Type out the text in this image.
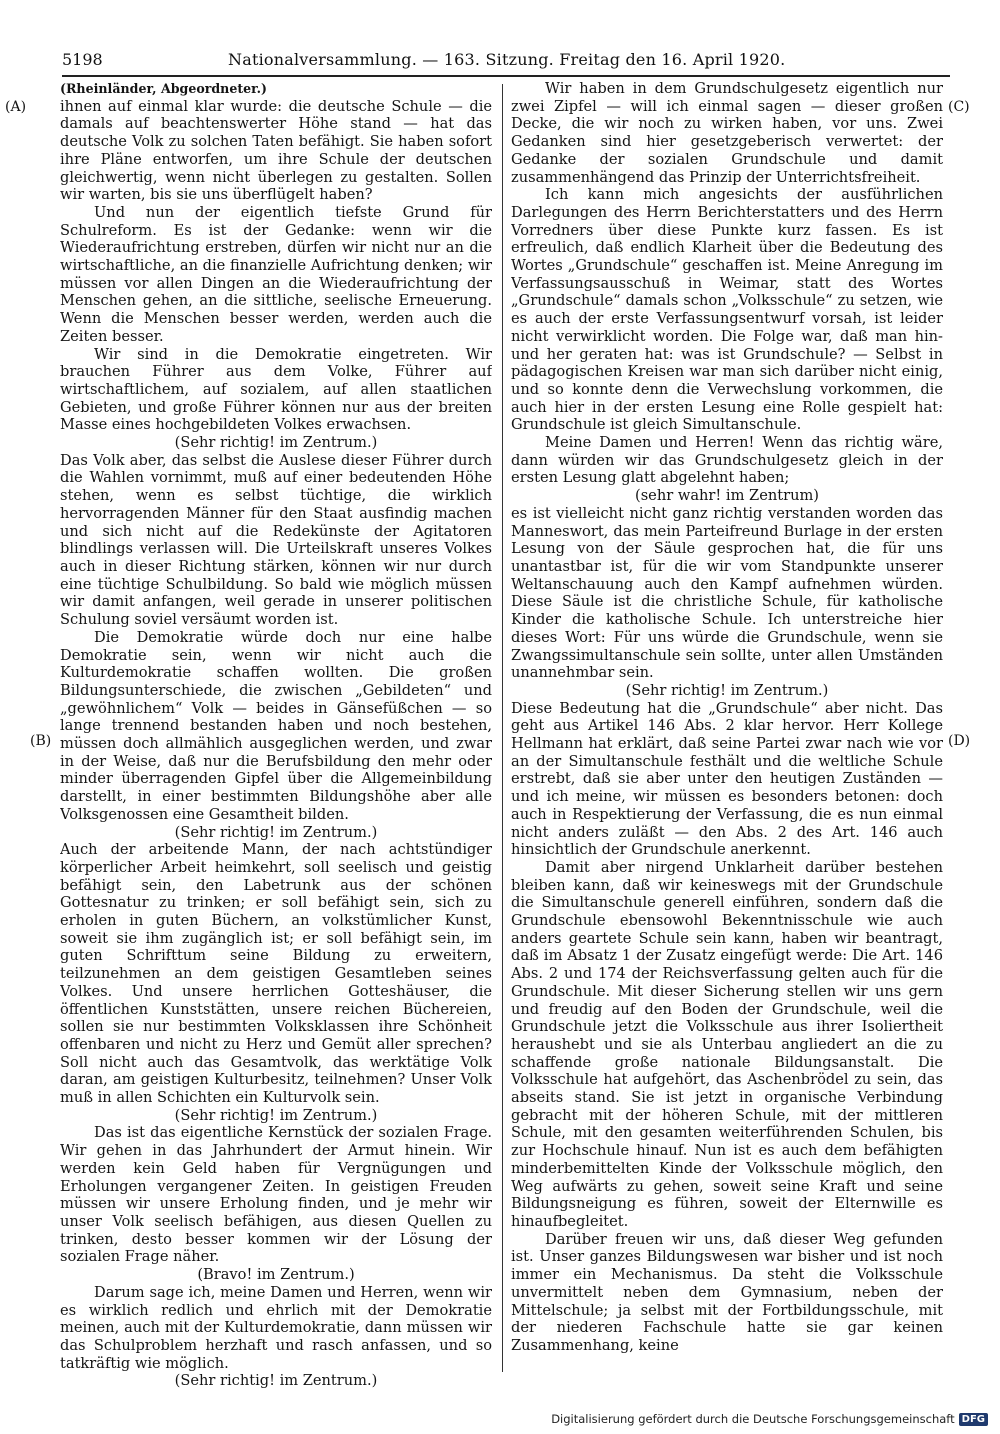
5198	Nationalversammlung. — 163. Sitzung. Freitag den 16. April 1920.
(A)
(B)
(C)
(D)
(Rheinländer, Abgeordneter.)

ihnen auf einmal klar wurde: die deutsche Schule — die
damals auf beachtenswerter Höhe stand — hat das
deutsche Volk zu solchen Taten befähigt. Sie haben sofort
ihre Pläne entworfen, um ihre Schule der deutschen
gleichwertig, wenn nicht überlegen zu gestalten. Sollen
wir warten, bis sie uns überflügelt haben?

Und nun der eigentlich tiefste Grund für
Schulreform. Es ist der Gedanke: wenn wir die
Wiederaufrichtung erstreben, dürfen wir nicht nur an die
wirtschaftliche, an die finanzielle Aufrichtung denken; wir
müssen vor allen Dingen an die Wiederaufrichtung der
Menschen gehen, an die sittliche, seelische Erneuerung.
Wenn die Menschen besser werden, werden auch die
Zeiten besser.

Wir sind in die Demokratie eingetreten. Wir
brauchen Führer aus dem Volke, Führer auf
wirtschaftlichem, auf sozialem, auf allen staatlichen
Gebieten, und große Führer können nur aus der breiten
Masse eines hochgebildeten Volkes erwachsen.

(Sehr richtig! im Zentrum.)

Das Volk aber, das selbst die Auslese dieser Führer durch
die Wahlen vornimmt, muß auf einer bedeutenden Höhe
stehen, wenn es selbst tüchtige, die wirklich
hervorragenden Männer für den Staat ausfindig machen
und sich nicht auf die Redekünste der Agitatoren
blindlings verlassen will. Die Urteilskraft unseres Volkes
auch in dieser Richtung stärken, können wir nur durch
eine tüchtige Schulbildung. So bald wie möglich müssen
wir damit anfangen, weil gerade in unserer politischen
Schulung soviel versäumt worden ist.

Die Demokratie würde doch nur eine halbe
Demokratie sein, wenn wir nicht auch die
Kulturdemokratie schaffen wollten. Die großen
Bildungsunterschiede, die zwischen „Gebildeten“ und
„gewöhnlichem“ Volk — beides in Gänsefüßchen — so
lange trennend bestanden haben und noch bestehen,
müssen doch allmählich ausgeglichen werden, und zwar
in der Weise, daß nur die Berufsbildung den mehr oder
minder überragenden Gipfel über die Allgemeinbildung
darstellt, in einer bestimmten Bildungshöhe aber alle
Volksgenossen eine Gesamtheit bilden.

(Sehr richtig! im Zentrum.)

Auch der arbeitende Mann, der nach achtstündiger
körperlicher Arbeit heimkehrt, soll seelisch und geistig
befähigt sein, den Labetrunk aus der schönen
Gottesnatur zu trinken; er soll befähigt sein, sich zu
erholen in guten Büchern, an volkstümlicher Kunst,
soweit sie ihm zugänglich ist; er soll befähigt sein, im
guten Schrifttum seine Bildung zu erweitern,
teilzunehmen an dem geistigen Gesamtleben seines
Volkes. Und unsere herrlichen Gotteshäuser, die
öffentlichen Kunststätten, unsere reichen Büchereien,
sollen sie nur bestimmten Volksklassen ihre Schönheit
offenbaren und nicht zu Herz und Gemüt aller sprechen?
Soll nicht auch das Gesamtvolk, das werktätige Volk
daran, am geistigen Kulturbesitz, teilnehmen? Unser Volk
muß in allen Schichten ein Kulturvolk sein.

(Sehr richtig! im Zentrum.)

Das ist das eigentliche Kernstück der sozialen Frage.
Wir gehen in das Jahrhundert der Armut hinein. Wir
werden kein Geld haben für Vergnügungen und
Erholungen vergangener Zeiten. In geistigen Freuden
müssen wir unsere Erholung finden, und je mehr wir
unser Volk seelisch befähigen, aus diesen Quellen zu
trinken, desto besser kommen wir der Lösung der
sozialen Frage näher.

(Bravo! im Zentrum.)

Darum sage ich, meine Damen und Herren, wenn wir
es wirklich redlich und ehrlich mit der Demokratie
meinen, auch mit der Kulturdemokratie, dann müssen wir
das Schulproblem herzhaft und rasch anfassen, und so
tatkräftig wie möglich.

(Sehr richtig! im Zentrum.)

Wir haben in dem Grundschulgesetz eigentlich nur
zwei Zipfel — will ich einmal sagen — dieser großen
Decke, die wir noch zu wirken haben, vor uns. Zwei
Gedanken sind hier gesetzgeberisch verwertet: der
Gedanke der sozialen Grundschule und damit
zusammenhängend das Prinzip der Unterrichtsfreiheit.

Ich kann mich angesichts der ausführlichen
Darlegungen des Herrn Berichterstatters und des Herrn
Vorredners über diese Punkte kurz fassen. Es ist
erfreulich, daß endlich Klarheit über die Bedeutung des
Wortes „Grundschule“ geschaffen ist. Meine Anregung im
Verfassungsausschuß in Weimar, statt des Wortes
„Grundschule“ damals schon „Volksschule“ zu setzen, wie
es auch der erste Verfassungsentwurf vorsah, ist leider
nicht verwirklicht worden. Die Folge war, daß man hin-
und her geraten hat: was ist Grundschule? — Selbst in
pädagogischen Kreisen war man sich darüber nicht einig,
und so konnte denn die Verwechslung vorkommen, die
auch hier in der ersten Lesung eine Rolle gespielt hat:
Grundschule ist gleich Simultanschule.

Meine Damen und Herren! Wenn das richtig wäre,
dann würden wir das Grundschulgesetz gleich in der
ersten Lesung glatt abgelehnt haben;

(sehr wahr! im Zentrum)

es ist vielleicht nicht ganz richtig verstanden worden das
Manneswort, das mein Parteifreund Burlage in der ersten
Lesung von der Säule gesprochen hat, die für uns
unantastbar ist, für die wir vom Standpunkte unserer
Weltanschauung auch den Kampf aufnehmen würden.
Diese Säule ist die christliche Schule, für katholische
Kinder die katholische Schule. Ich unterstreiche hier
dieses Wort: Für uns würde die Grundschule, wenn sie
Zwangssimultanschule sein sollte, unter allen Umständen
unannehmbar sein.

(Sehr richtig! im Zentrum.)

Diese Bedeutung hat die „Grundschule“ aber nicht. Das
geht aus Artikel 146 Abs. 2 klar hervor. Herr Kollege
Hellmann hat erklärt, daß seine Partei zwar nach wie vor
an der Simultanschule festhält und die weltliche Schule
erstrebt, daß sie aber unter den heutigen Zuständen —
und ich meine, wir müssen es besonders betonen: doch
auch in Respektierung der Verfassung, die es nun einmal
nicht anders zuläßt — den Abs. 2 des Art. 146 auch
hinsichtlich der Grundschule anerkennt.

Damit aber nirgend Unklarheit darüber bestehen
bleiben kann, daß wir keineswegs mit der Grundschule
die Simultanschule generell einführen, sondern daß die
Grundschule ebensowohl Bekenntnisschule wie auch
anders geartete Schule sein kann, haben wir beantragt,
daß im Absatz 1 der Zusatz eingefügt werde: Die Art. 146
Abs. 2 und 174 der Reichsverfassung gelten auch für die
Grundschule. Mit dieser Sicherung stellen wir uns gern
und freudig auf den Boden der Grundschule, weil die
Grundschule jetzt die Volksschule aus ihrer Isoliertheit
heraushebt und sie als Unterbau angliedert an die zu
schaffende große nationale Bildungsanstalt. Die
Volksschule hat aufgehört, das Aschenbrödel zu sein, das
abseits stand. Sie ist jetzt in organische Verbindung
gebracht mit der höheren Schule, mit der mittleren
Schule, mit den gesamten weiterführenden Schulen, bis
zur Hochschule hinauf. Nun ist es auch dem befähigten
minderbemittelten Kinde der Volksschule möglich, den
Weg aufwärts zu gehen, soweit seine Kraft und seine
Bildungsneigung es führen, soweit der Elternwille es
hinaufbegleitet.

Darüber freuen wir uns, daß dieser Weg gefunden
ist. Unser ganzes Bildungswesen war bisher und ist noch
immer ein Mechanismus. Da steht die Volksschule
unvermittelt neben dem Gymnasium, neben der
Mittelschule; ja selbst mit der Fortbildungsschule, mit
der niederen Fachschule hatte sie gar keinen
Zusammenhang, keine

Digitalisierung gefördert durch die Deutsche Forschungsgemeinschaft DFG
